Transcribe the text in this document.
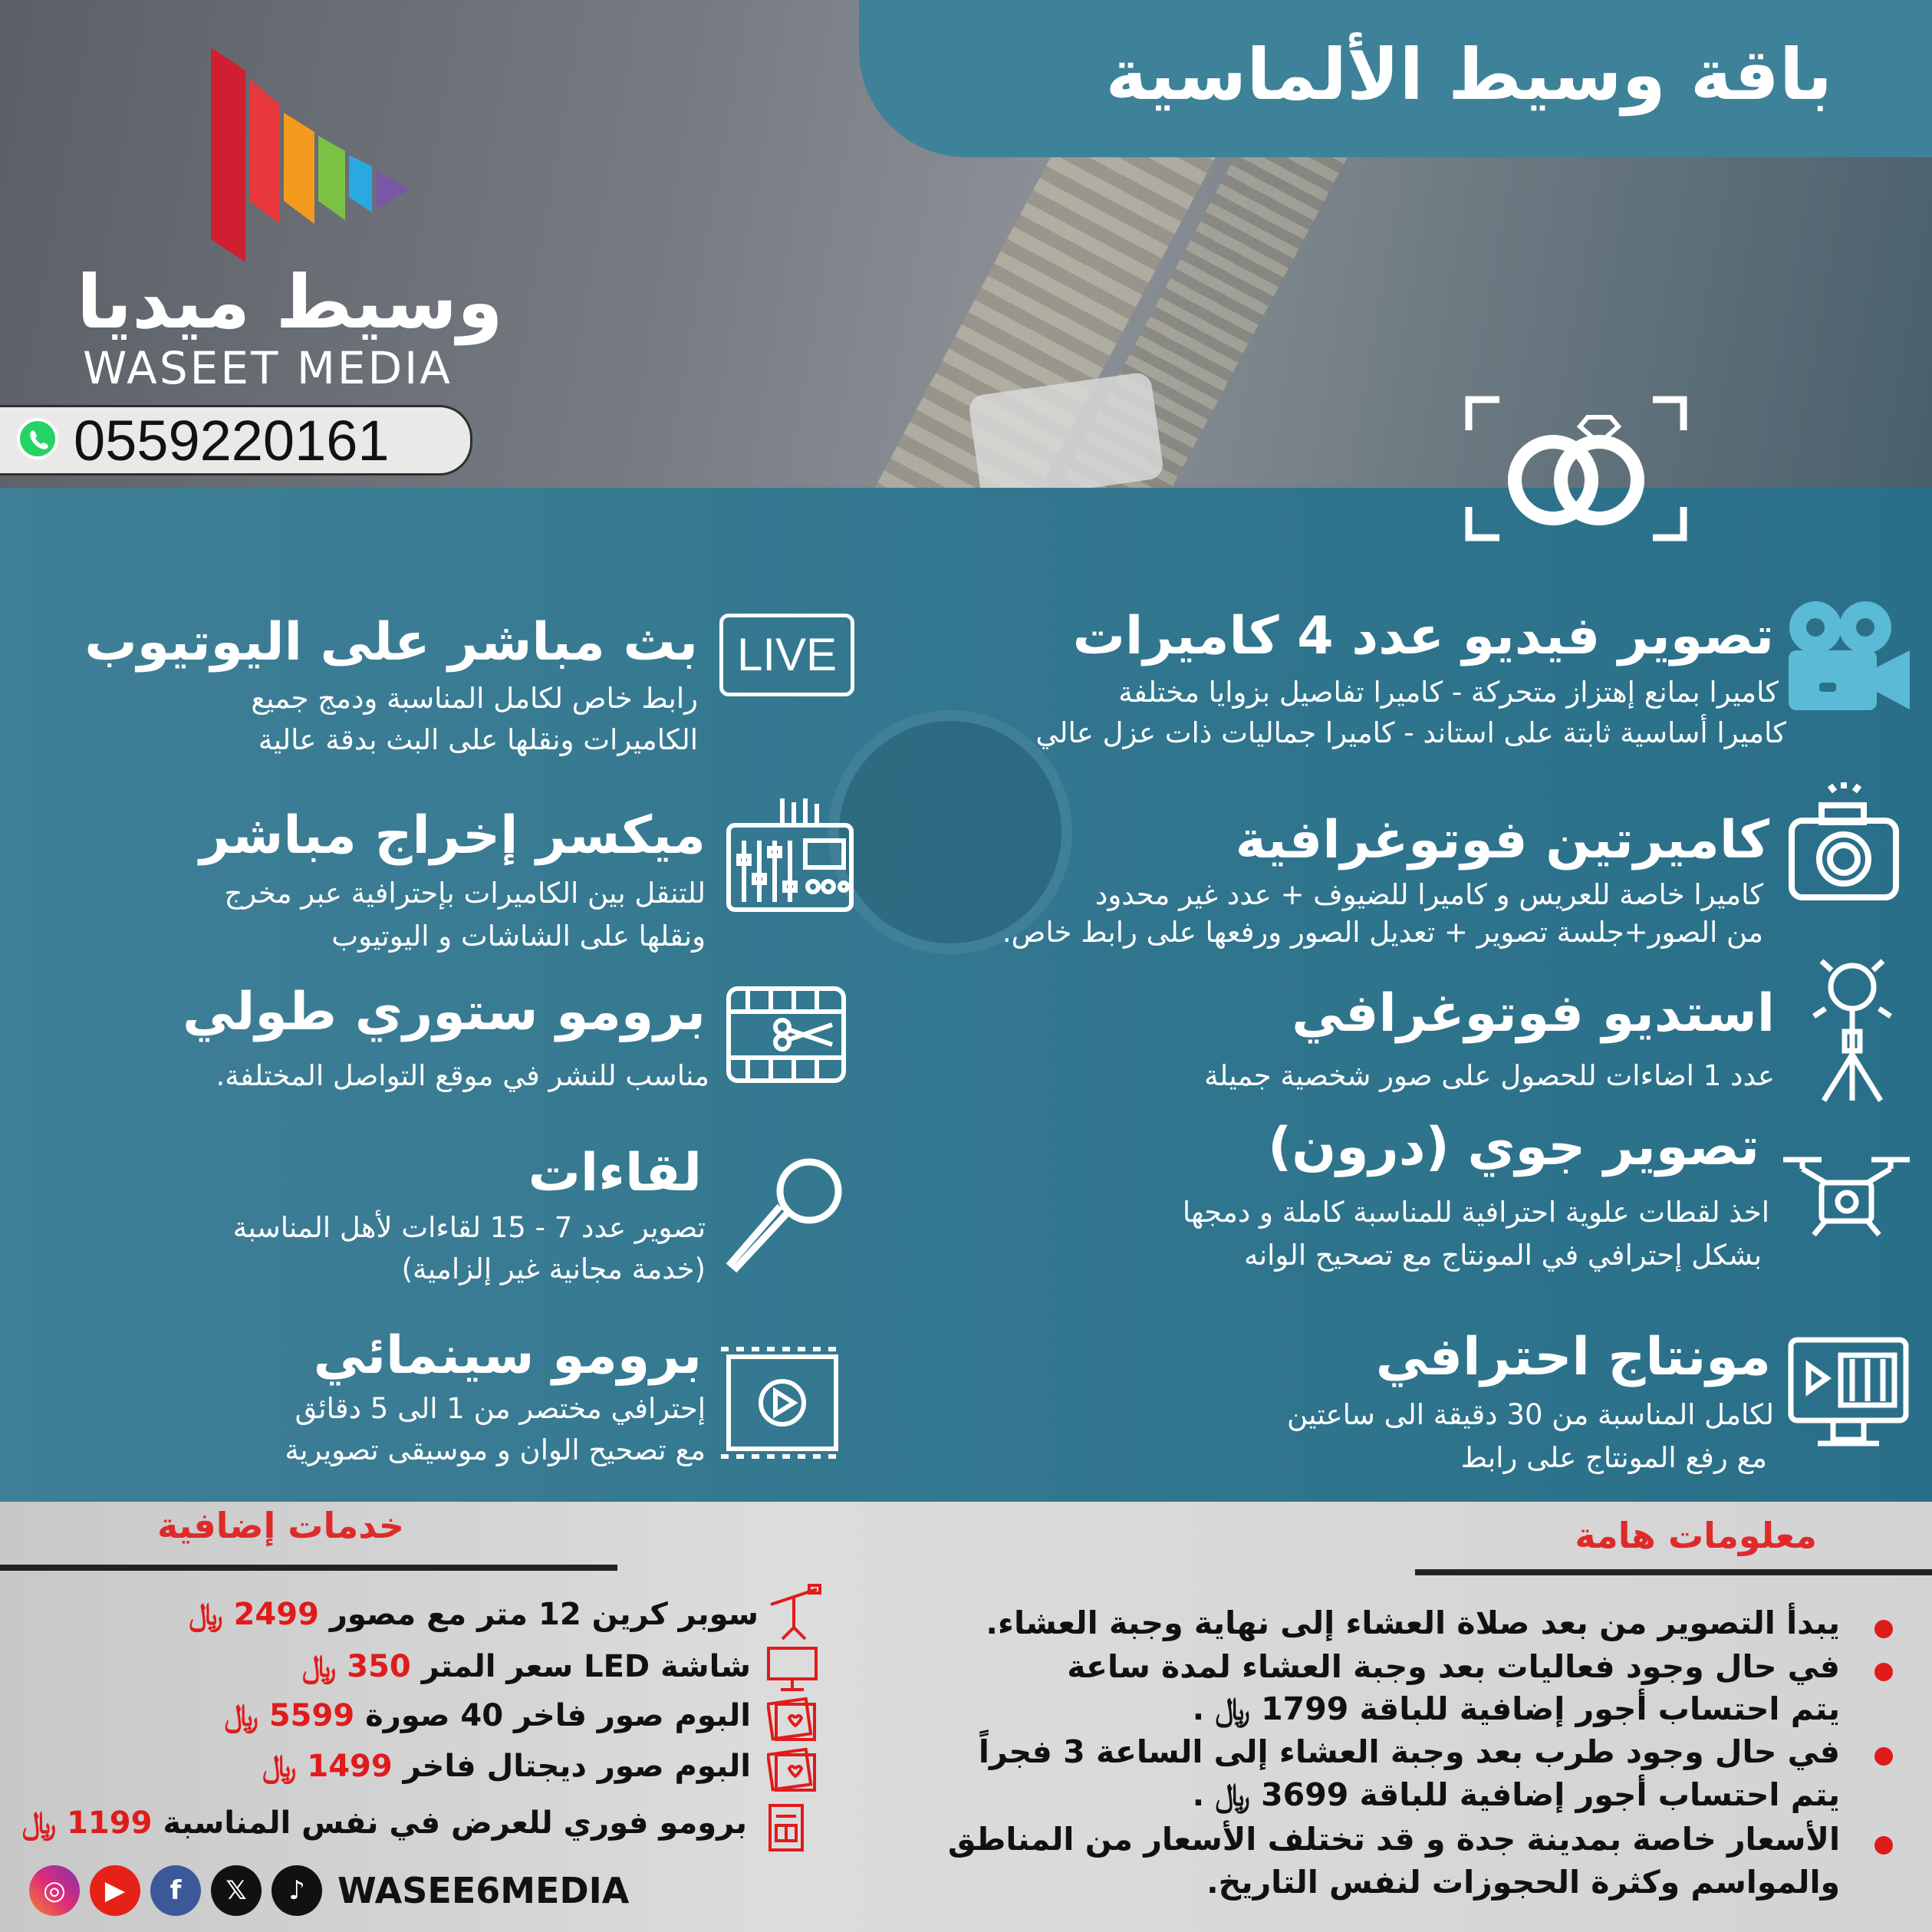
باقة وسيط الألماسية
وسيط ميديا
WASEET MEDIA
0559220161
تصوير فيديو عدد 4 كاميرات
كاميرا بمانع إهتزاز متحركة - كاميرا تفاصيل بزوايا مختلفة
كاميرا أساسية ثابتة على استاند - كاميرا جماليات ذات عزل عالي
كاميرتين فوتوغرافية
كاميرا خاصة للعريس و كاميرا للضيوف + عدد غير محدود
من الصور+جلسة تصوير + تعديل الصور ورفعها على رابط خاص.
استديو فوتوغرافي
عدد 1 اضاءات للحصول على صور شخصية جميلة
تصوير جوي (درون)
اخذ لقطات علوية احترافية للمناسبة كاملة و دمجها
بشكل إحترافي في المونتاج مع تصحيح الوانه
مونتاج احترافي
لكامل المناسبة من 30 دقيقة الى ساعتين
مع رفع المونتاج على رابط
بث مباشر على اليوتيوب
رابط خاص لكامل المناسبة ودمج جميع
الكاميرات ونقلها على البث بدقة عالية
LIVE
ميكسر إخراج مباشر
للتنقل بين الكاميرات بإحترافية عبر مخرج
ونقلها على الشاشات و اليوتيوب
برومو ستوري طولي
مناسب للنشر في موقع التواصل المختلفة.
لقاءات
تصوير عدد 7 - 15 لقاءات لأهل المناسبة
(خدمة مجانية غير إلزامية)
برومو سينمائي
إحترافي مختصر من 1 الى 5 دقائق
مع تصحيح الوان و موسيقى تصويرية
معلومات هامة
يبدأ التصوير من بعد صلاة العشاء إلى نهاية وجبة العشاء.
في حال وجود فعاليات بعد وجبة العشاء لمدة ساعة
يتم احتساب أجور إضافية للباقة 1799 ﷼ .
في حال وجود طرب بعد وجبة العشاء إلى الساعة 3 فجراً
يتم احتساب أجور إضافية للباقة 3699 ﷼ .
الأسعار خاصة بمدينة جدة و قد تختلف الأسعار من المناطق
والمواسم وكثرة الحجوزات لنفس التاريخ.
خدمات إضافية
سوبر كرين 12 متر مع مصور 2499 ﷼
شاشة LED سعر المتر 350 ﷼
البوم صور فاخر 40 صورة 5599 ﷼
البوم صور ديجتال فاخر 1499 ﷼
برومو فوري للعرض في نفس المناسبة 1199 ﷼
◎	▶	f	𝕏	♪ WASEE6MEDIA
